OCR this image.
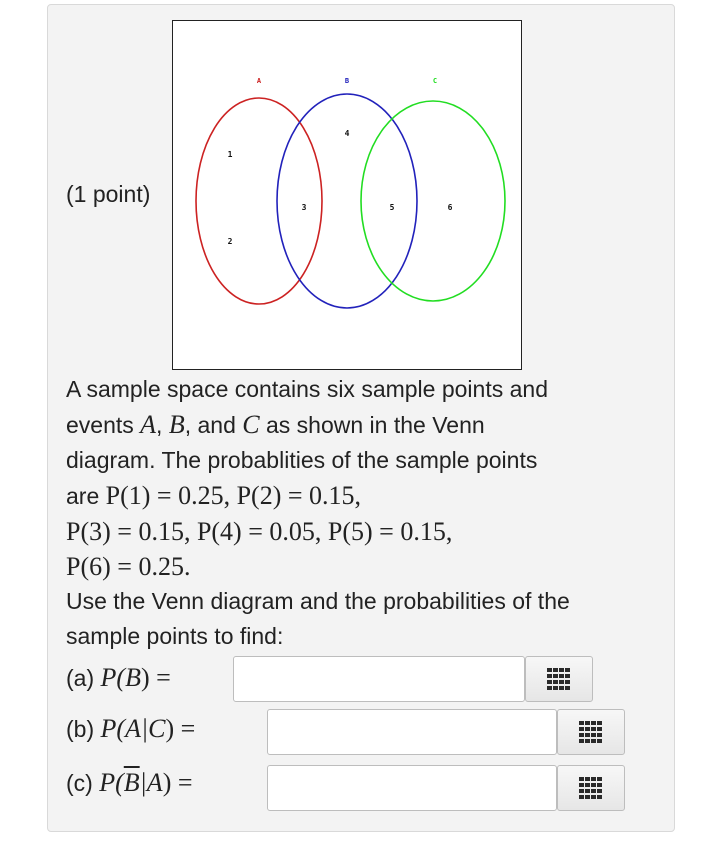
(1 point)
A	B	C
1
2
3
4
5	6
A sample space contains six sample points and
events A, B, and C as shown in the Venn
diagram. The probablities of the sample points
are P(1) = 0.25, P(2) = 0.15,
P(3) = 0.15, P(4) = 0.05, P(5) = 0.15,
P(6) = 0.25.
Use the Venn diagram and the probabilities of the
sample points to find:
(a) P(B) =
(b) P(A|C) =
(c) $P(\overline{B}|A)$ =
